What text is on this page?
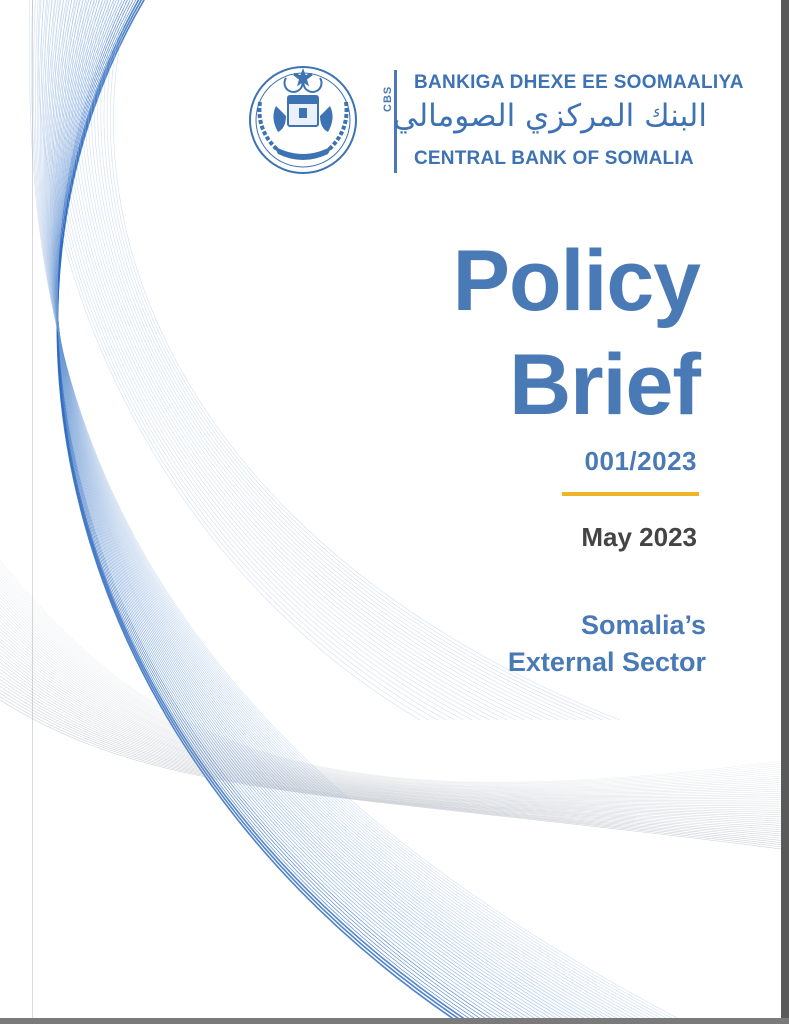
CBS
BANKIGA DHEXE EE SOOMAALIYA
البنك المركزي الصومالي
CENTRAL BANK OF SOMALIA
Policy
Brief
001/2023
May 2023
Somalia’s
External Sector
